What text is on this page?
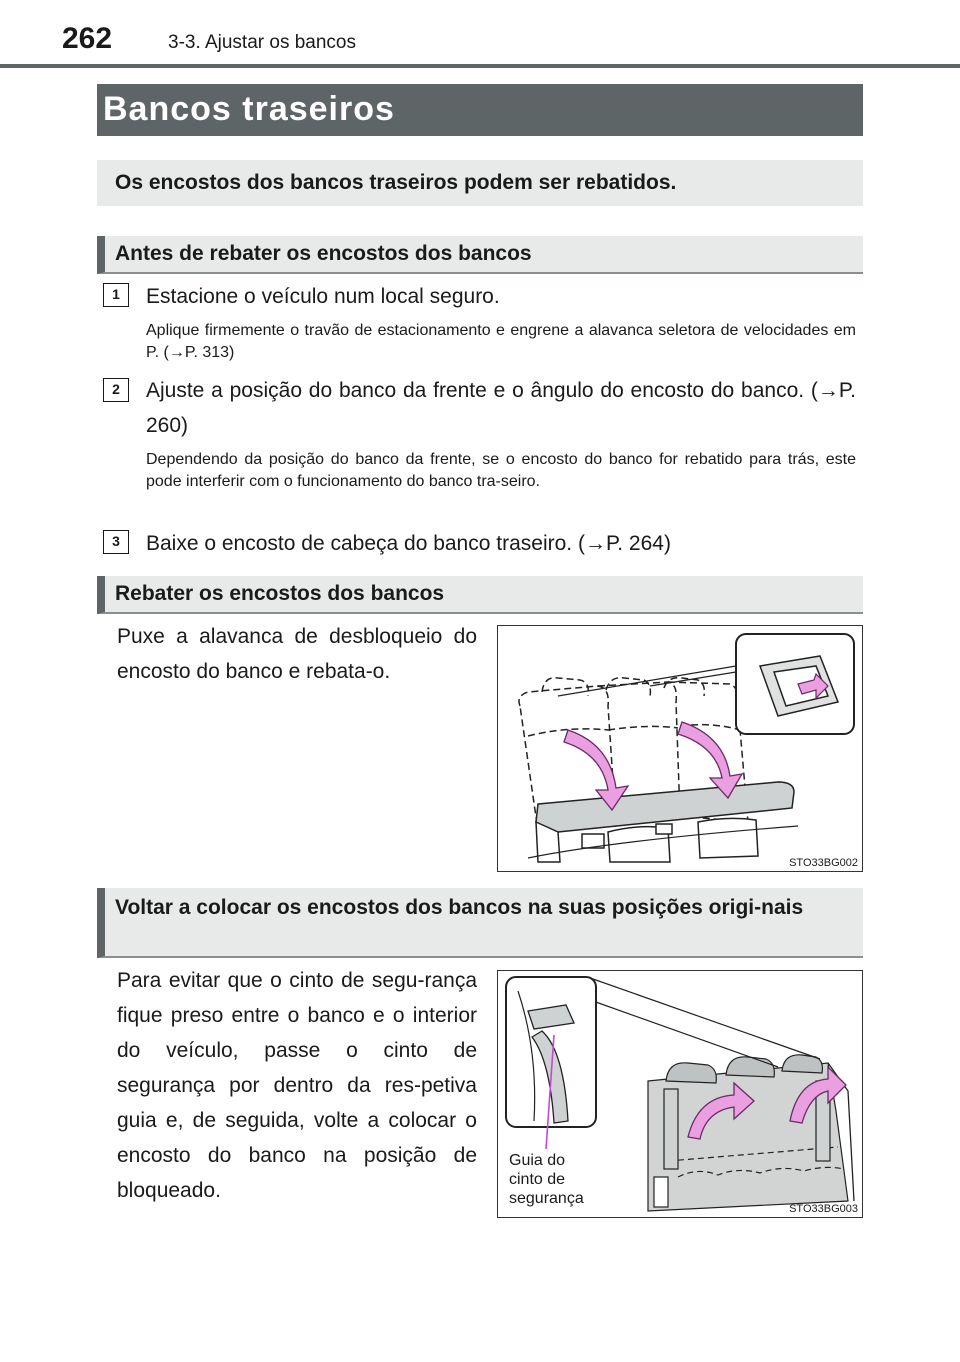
262	3-3. Ajustar os bancos
Bancos traseiros
Os encostos dos bancos traseiros podem ser rebatidos.
Antes de rebater os encostos dos bancos
1	Estacione o veículo num local seguro.
Aplique firmemente o travão de estacionamento e engrene a alavanca seletora de velocidades em P. (→P. 313)
2	Ajuste a posição do banco da frente e o ângulo do encosto do banco. (→P. 260)
Dependendo da posição do banco da frente, se o encosto do banco for rebatido para trás, este pode interferir com o funcionamento do banco tra-seiro.
3	Baixe o encosto de cabeça do banco traseiro. (→P. 264)
Rebater os encostos dos bancos
Puxe a alavanca de desbloqueio do encosto do banco e rebata-o.
STO33BG002
Voltar a colocar os encostos dos bancos na suas posições origi-nais
Para evitar que o cinto de segu-rança fique preso entre o banco e o interior do veículo, passe o cinto de segurança por dentro da res-petiva guia e, de seguida, volte a colocar o encosto do banco na posição de bloqueado.
Guia do
cinto de
segurança
STO33BG003
